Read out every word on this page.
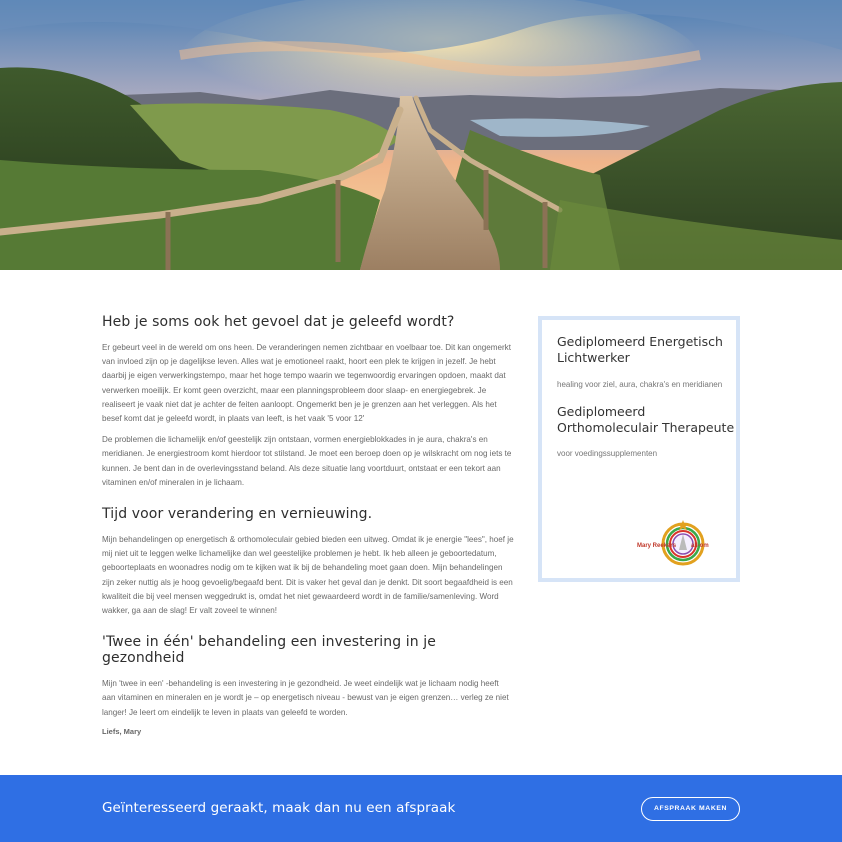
Heb je soms ook het gevoel dat je geleefd wordt?

Er gebeurt veel in de wereld om ons heen. De veranderingen nemen zichtbaar en voelbaar toe. Dit kan ongemerkt van invloed zijn op je dagelijkse leven. Alles wat je emotioneel raakt, hoort een plek te krijgen in jezelf. Je hebt daarbij je eigen verwerkingstempo, maar het hoge tempo waarin we tegenwoordig ervaringen opdoen, maakt dat verwerken moeilijk. Er komt geen overzicht, maar een planningsprobleem door slaap- en energiegebrek. Je realiseert je vaak niet dat je achter de feiten aanloopt. Ongemerkt ben je je grenzen aan het verleggen. Als het besef komt dat je geleefd wordt, in plaats van leeft, is het vaak '5 voor 12'

De problemen die lichamelijk en/of geestelijk zijn ontstaan, vormen energieblokkades in je aura, chakra's en meridianen. Je energiestroom komt hierdoor tot stilstand. Je moet een beroep doen op je wilskracht om nog iets te kunnen. Je bent dan in de overlevingsstand beland. Als deze situatie lang voortduurt, ontstaat er een tekort aan vitaminen en/of mineralen in je lichaam.

Tijd voor verandering en vernieuwing.

Mijn behandelingen op energetisch & orthomoleculair gebied bieden een uitweg. Omdat ik je energie "lees", hoef je mij niet uit te leggen welke lichamelijke dan wel geestelijke problemen je hebt. Ik heb alleen je geboortedatum, geboorteplaats en woonadres nodig om te kijken wat ik bij de behandeling moet gaan doen. Mijn behandelingen zijn zeker nuttig als je hoog gevoelig/begaafd bent. Dit is vaker het geval dan je denkt. Dit soort begaafdheid is een kwaliteit die bij veel mensen weggedrukt is, omdat het niet gewaardeerd wordt in de familie/samenleving. Word wakker, ga aan de slag! Er valt zoveel te winnen!

'Twee in één' behandeling een investering in je gezondheid

Mijn 'twee in een' -behandeling is een investering in je gezondheid. Je weet eindelijk wat je lichaam nodig heeft aan vitaminen en mineralen en je wordt je – op energetisch niveau - bewust van je eigen grenzen… verleg ze niet langer! Je leert om eindelijk te leven in plaats van geleefd te worden.

Liefs, Mary
Gediplomeerd Energetisch Lichtwerker
healing voor ziel, aura, chakra's en meridianen
Gediplomeerd Orthomoleculair Therapeute
voor voedingssupplementen
Mary Reekers all-om
Geïnteresseerd geraakt, maak dan nu een afspraak	AFSPRAAK MAKEN
